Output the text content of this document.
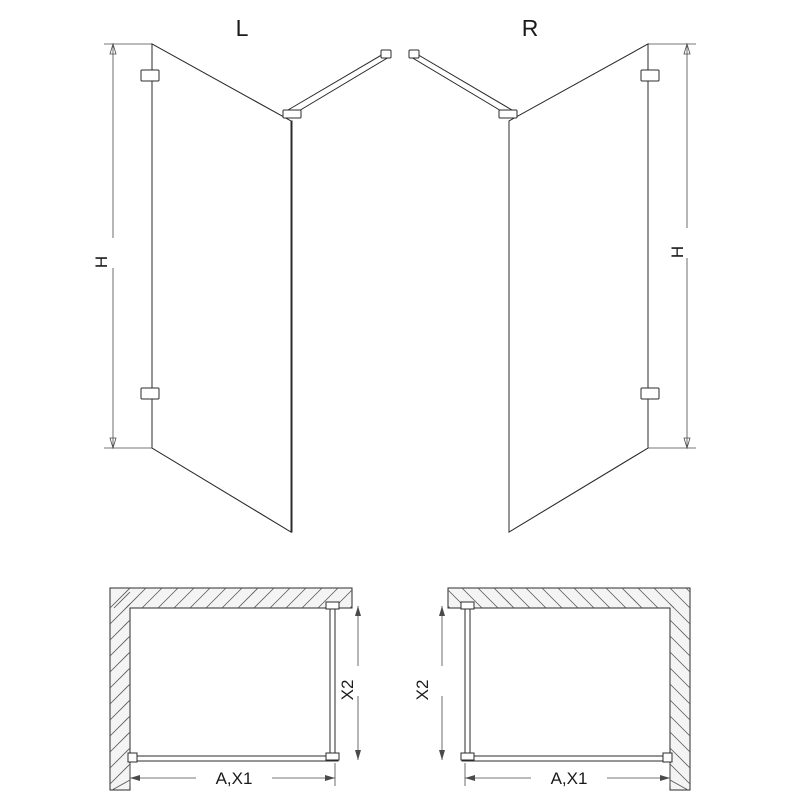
H
L
H
R
X2
A,X1
X2
A,X1
